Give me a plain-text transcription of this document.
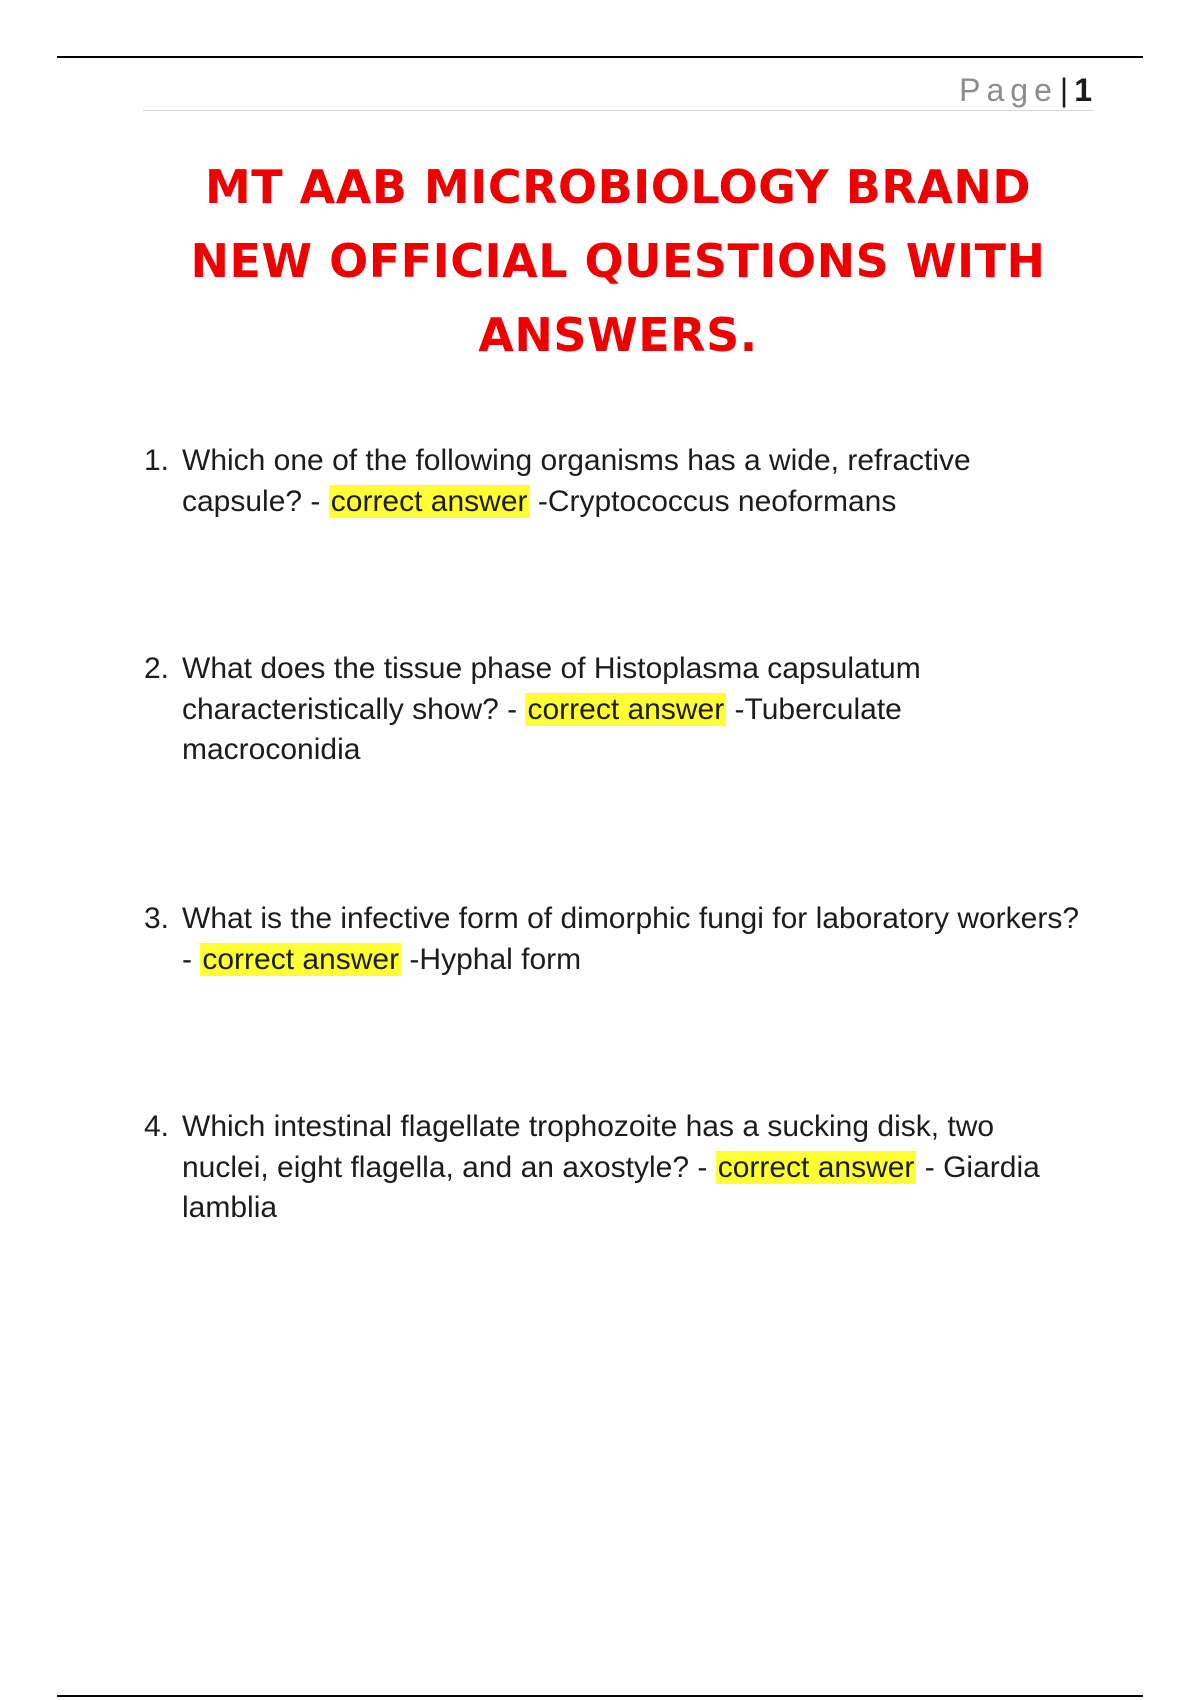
Page| 1
MT AAB MICROBIOLOGY BRAND NEW OFFICIAL QUESTIONS WITH ANSWERS.
1. Which one of the following organisms has a wide, refractive capsule? - correct answer -Cryptococcus neoformans
2. What does the tissue phase of Histoplasma capsulatum characteristically show? - correct answer -Tuberculate macroconidia
3. What is the infective form of dimorphic fungi for laboratory workers? - correct answer -Hyphal form
4. Which intestinal flagellate trophozoite has a sucking disk, two nuclei, eight flagella, and an axostyle? - correct answer - Giardia lamblia
